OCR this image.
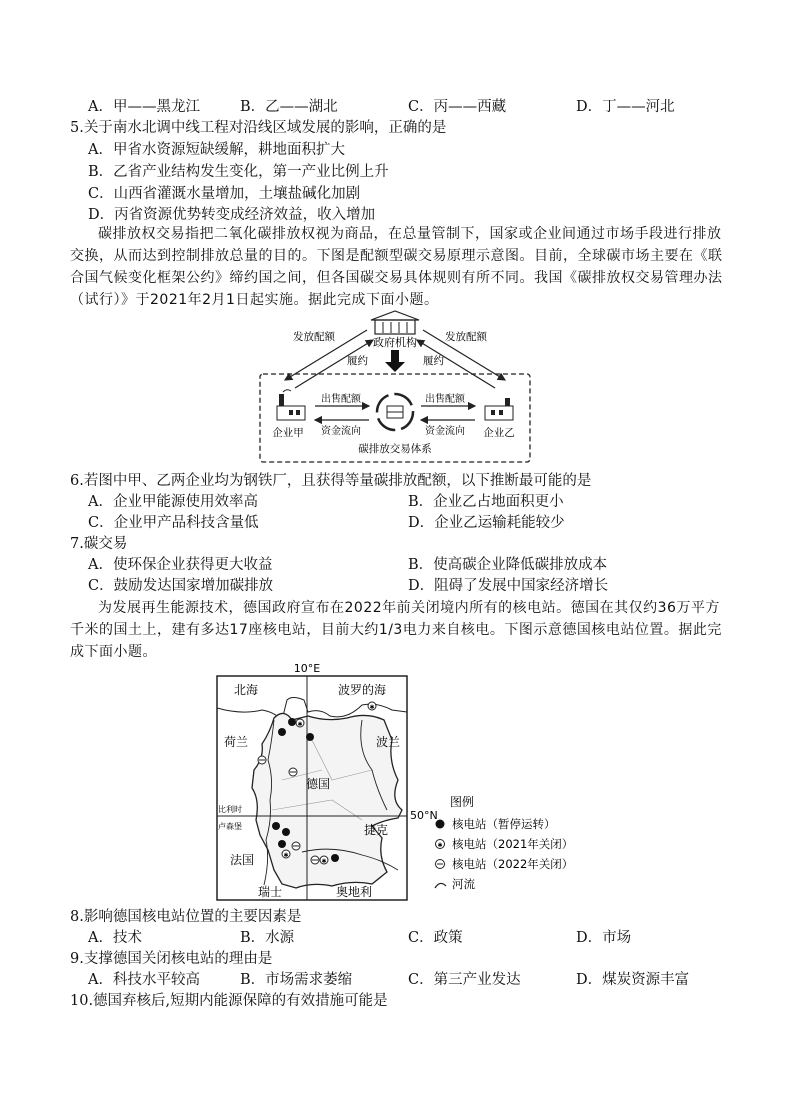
A．甲——黑龙江	B．乙——湖北	C．丙——西藏	D．丁——河北
5.关于南水北调中线工程对沿线区域发展的影响，正确的是
A．甲省水资源短缺缓解，耕地面积扩大
B．乙省产业结构发生变化，第一产业比例上升
C．山西省灌溉水量增加，土壤盐碱化加剧
D．丙省资源优势转变成经济效益，收入增加
碳排放权交易指把二氧化碳排放权视为商品，在总量管制下，国家或企业间通过市场手段进行排放交换，从而达到控制排放总量的目的。下图是配额型碳交易原理示意图。目前，全球碳市场主要在《联合国气候变化框架公约》缔约国之间，但各国碳交易具体规则有所不同。我国《碳排放权交易管理办法（试行）》于2021年2月1日起实施。据此完成下面小题。
政府机构
发放配额	发放配额
履约	履约
企业甲	企业乙
出售配额
资金流向
出售配额
资金流向
碳排放交易体系
6.若图中甲、乙两企业均为钢铁厂，且获得等量碳排放配额，以下推断最可能的是
A．企业甲能源使用效率高	B．企业乙占地面积更小
C．企业甲产品科技含量低	D．企业乙运输耗能较少
7.碳交易
A．使环保企业获得更大收益	B．使高碳企业降低碳排放成本
C．鼓励发达国家增加碳排放	D．阻碍了发展中国家经济增长
为发展再生能源技术，德国政府宣布在2022年前关闭境内所有的核电站。德国在其仅约36万平方千米的国土上，建有多达17座核电站，目前大约1/3电力来自核电。下图示意德国核电站位置。据此完成下面小题。
10°E
50°N
北海	波罗的海
荷兰	波兰
德国
比利时
卢森堡	捷克
法国
瑞士	奥地利
✱
✱
✱
✱
图例
核电站（暂停运转）
✱ 核电站（2021年关闭）
核电站（2022年关闭）
河流
8.影响德国核电站位置的主要因素是
A．技术	B．水源	C．政策	D．市场
9.支撑德国关闭核电站的理由是
A．科技水平较高	B．市场需求萎缩	C．第三产业发达	D．煤炭资源丰富
10.德国弃核后,短期内能源保障的有效措施可能是
